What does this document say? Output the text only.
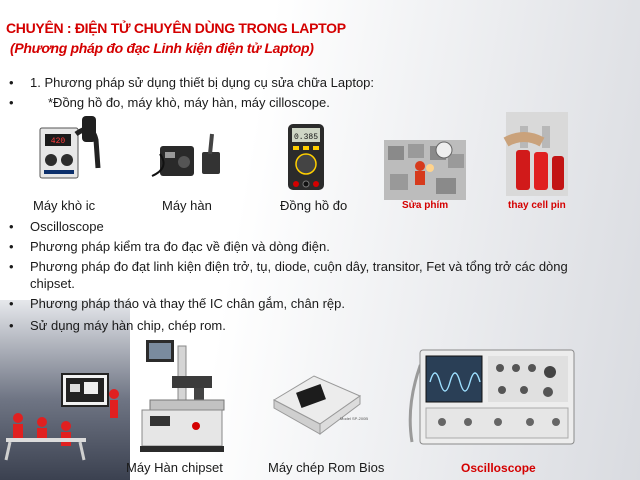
CHUYÊN : ĐIỆN TỬ CHUYÊN DÙNG TRONG LAPTOP
(Phương pháp đo đạc Linh kiện điện tử Laptop)
• 1. Phương pháp sử dụng thiết bị dụng cụ sửa chữa Laptop:
•	*Đồng hồ đo, máy khò, máy hàn, máy cilloscope.
420	0.385
Máy khò ic	Máy hàn	Đồng hồ đo	Sửa phím	thay cell pin
• Oscilloscope
• Phương pháp kiểm tra đo đạc về điện và dòng điện.
• Phương pháp đo đạt linh kiện điện trở, tụ, diode, cuộn dây, transitor, Fet và tổng trở các dòng
chipset.
• Phương pháp tháo và thay thế IC chân gắm, chân rệp.
• Sử dụng máy hàn chip, chép rom.
Model SP-200B
Máy Hàn chipset	Máy chép Rom Bios	Oscilloscope
